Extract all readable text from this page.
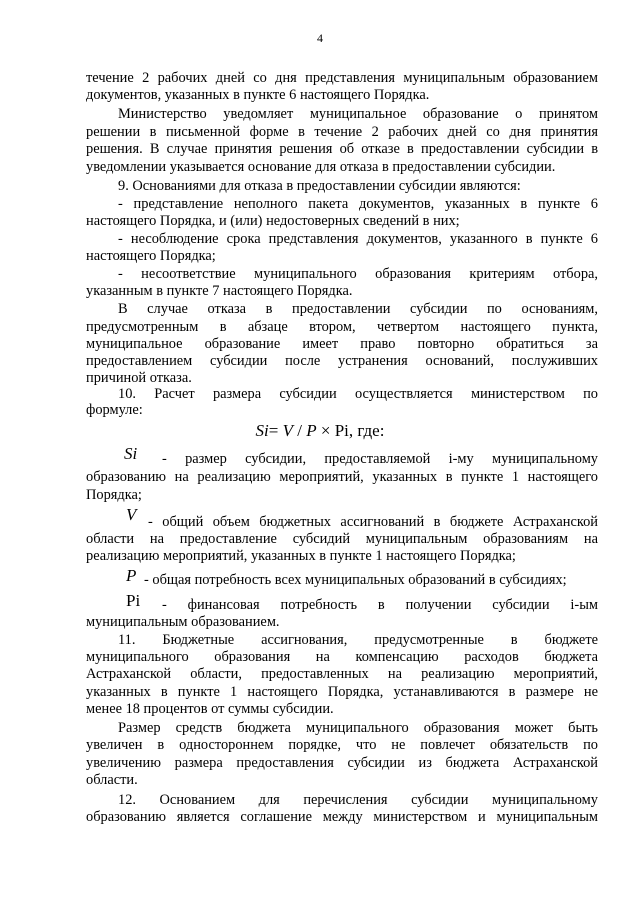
4
течение 2 рабочих дней со дня представления муниципальным образованием
документов, указанных в пункте 6 настоящего Порядка.
Министерство уведомляет муниципальное образование о принятом
решении в письменной форме в течение 2 рабочих дней со дня принятия
решения. В случае принятия решения об отказе в предоставлении субсидии в
уведомлении указывается основание для отказа в предоставлении субсидии.
9. Основаниями для отказа в предоставлении субсидии являются:
- представление неполного пакета документов, указанных в пункте 6
настоящего Порядка, и (или) недостоверных сведений в них;
- несоблюдение срока представления документов, указанного в пункте 6
настоящего Порядка;
- несоответствие муниципального образования критериям отбора,
указанным в пункте 7 настоящего Порядка.
В случае отказа в предоставлении субсидии по основаниям,
предусмотренным в абзаце втором, четвертом настоящего пункта,
муниципальное образование имеет право повторно обратиться за
предоставлением субсидии после устранения оснований, послуживших
причиной отказа.
10. Расчет размера субсидии осуществляется министерством по
формуле:
Si= V / P × Pi, где:
Si - размер субсидии, предоставляемой i-му муниципальному
образованию на реализацию мероприятий, указанных в пункте 1 настоящего
Порядка;
V - общий объем бюджетных ассигнований в бюджете Астраханской
области на предоставление субсидий муниципальным образованиям на
реализацию мероприятий, указанных в пункте 1 настоящего Порядка;
P - общая потребность всех муниципальных образований в субсидиях;
Pi - финансовая потребность в получении субсидии i-ым
муниципальным образованием.
11. Бюджетные ассигнования, предусмотренные в бюджете
муниципального образования на компенсацию расходов бюджета
Астраханской области, предоставленных на реализацию мероприятий,
указанных в пункте 1 настоящего Порядка, устанавливаются в размере не
менее 18 процентов от суммы субсидии.
Размер средств бюджета муниципального образования может быть
увеличен в одностороннем порядке, что не повлечет обязательств по
увеличению размера предоставления субсидии из бюджета Астраханской
области.
12. Основанием для перечисления субсидии муниципальному
образованию является соглашение между министерством и муниципальным
